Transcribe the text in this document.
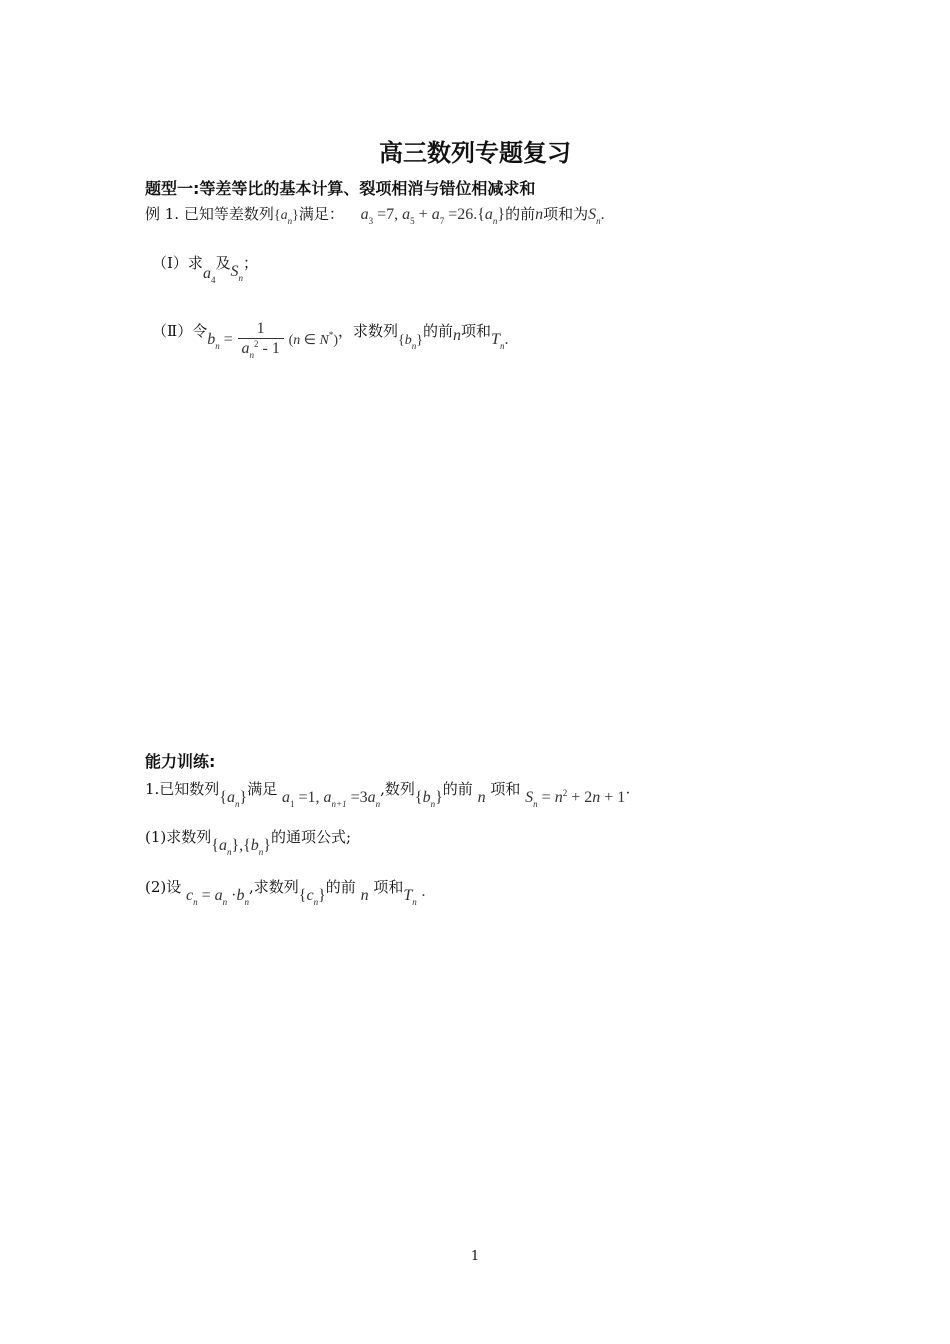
高三数列专题复习
题型一:等差等比的基本计算、裂项相消与错位相减求和
例 1. 已知等差数列$\{a_n\}$满足： $a_3 =7$, $a_5 + a_7 =26.\{a_n\}$的前n项和为$S_n$.
（Ⅰ）求$a_4$及$S_n$；
（Ⅱ）令$b_n = \frac{1}{a_n^2 - 1} (n$ ∈ N*)，求数列$\{b_n\}$的前n项和$T_n$.
能力训练:
1.已知数列$\{a_n\}$满足 $a_1 =1$, $a_{n+1} =3a_n$,数列$\{b_n\}$的前 n 项和 $S_n = n^2 + 2n + 1\cdot$
(1)求数列$\{a_n\},\{b_n\}$的通项公式;
(2)设 $c_n = a_n \cdot b_n$,求数列$\{c_n\}$的前 n 项和$T_n$ .
1
